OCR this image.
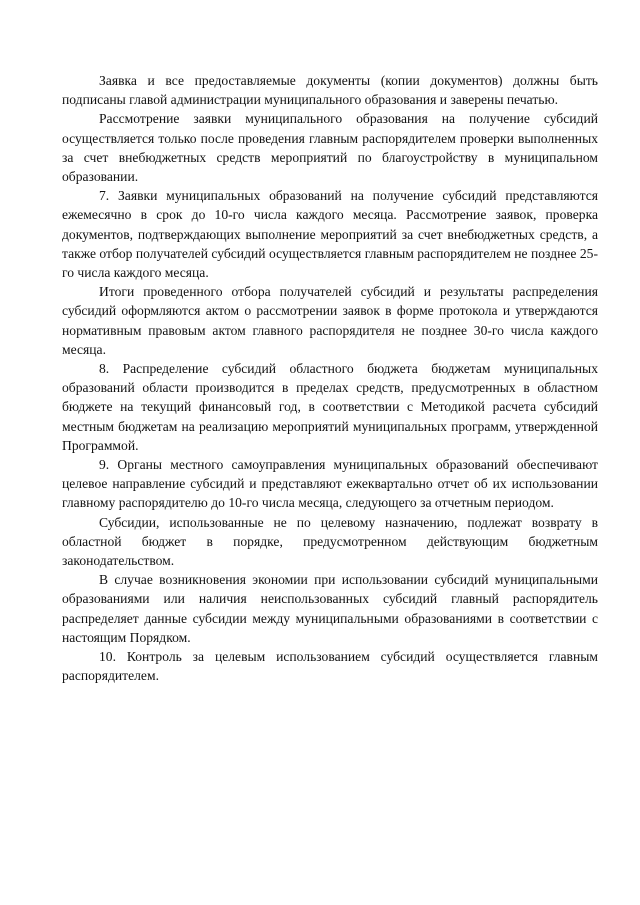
Заявка и все предоставляемые документы (копии документов) должны быть подписаны главой администрации муниципального образования и заверены печатью.

Рассмотрение заявки муниципального образования на получение субсидий осуществляется только после проведения главным распорядителем проверки выполненных за счет внебюджетных средств мероприятий по благоустройству в муниципальном образовании.

7. Заявки муниципальных образований на получение субсидий представляются ежемесячно в срок до 10-го числа каждого месяца. Рассмотрение заявок, проверка документов, подтверждающих выполнение мероприятий за счет внебюджетных средств, а также отбор получателей субсидий осуществляется главным распорядителем не позднее 25-го числа каждого месяца.

Итоги проведенного отбора получателей субсидий и результаты распределения субсидий оформляются актом о рассмотрении заявок в форме протокола и утверждаются нормативным правовым актом главного распорядителя не позднее 30-го числа каждого месяца.

8. Распределение субсидий областного бюджета бюджетам муниципальных образований области производится в пределах средств, предусмотренных в областном бюджете на текущий финансовый год, в соответствии с Методикой расчета субсидий местным бюджетам на реализацию мероприятий муниципальных программ, утвержденной Программой.

9. Органы местного самоуправления муниципальных образований обеспечивают целевое направление субсидий и представляют ежеквартально отчет об их использовании главному распорядителю до 10-го числа месяца, следующего за отчетным периодом.

Субсидии, использованные не по целевому назначению, подлежат возврату в областной бюджет в порядке, предусмотренном действующим бюджетным законодательством.

В случае возникновения экономии при использовании субсидий муниципальными образованиями или наличия неиспользованных субсидий главный распорядитель распределяет данные субсидии между муниципальными образованиями в соответствии с настоящим Порядком.

10. Контроль за целевым использованием субсидий осуществляется главным распорядителем.
